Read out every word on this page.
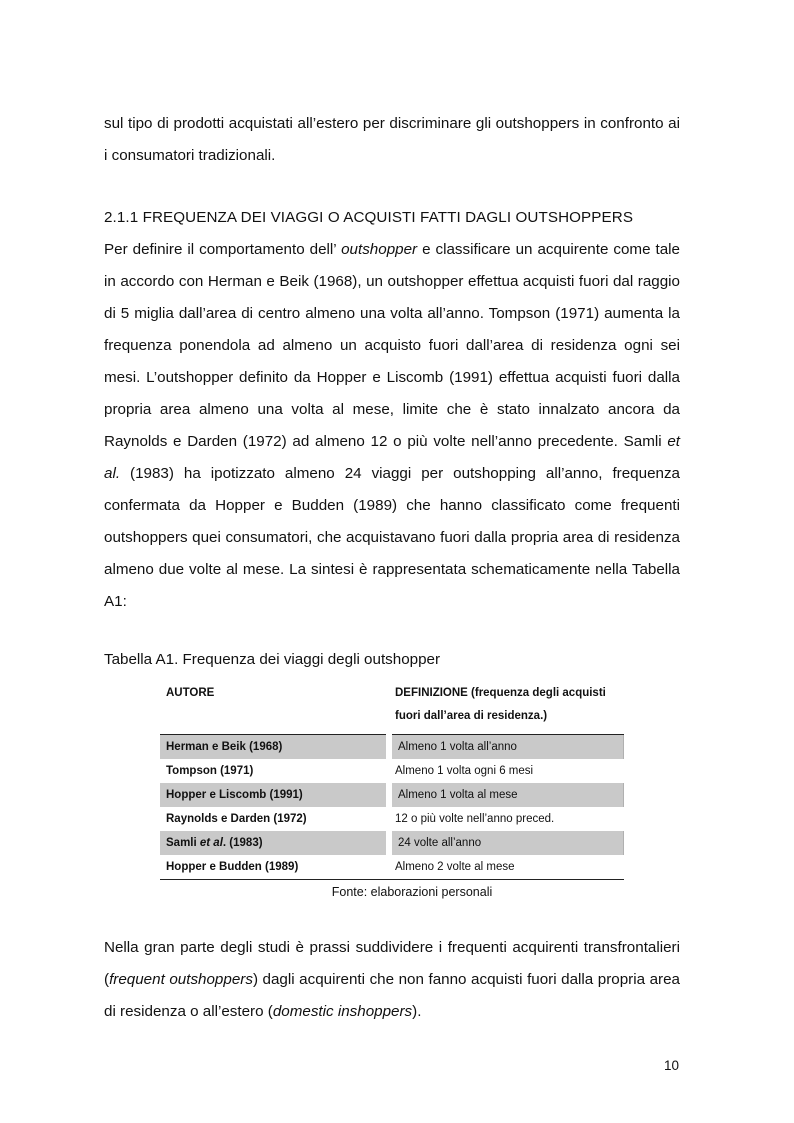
sul tipo di prodotti acquistati all’estero per discriminare gli outshoppers in confronto ai i consumatori tradizionali.

2.1.1 FREQUENZA DEI VIAGGI O ACQUISTI FATTI DAGLI OUTSHOPPERS

Per definire il comportamento dell’ outshopper e classificare un acquirente come tale in accordo con Herman e Beik (1968), un outshopper effettua acquisti fuori dal raggio di 5 miglia dall’area di centro almeno una volta all’anno. Tompson (1971) aumenta la frequenza ponendola ad almeno un acquisto fuori dall’area di residenza ogni sei mesi. L’outshopper definito da Hopper e Liscomb (1991) effettua acquisti fuori dalla propria area almeno una volta al mese, limite che è stato innalzato ancora da Raynolds e Darden (1972) ad almeno 12 o più volte nell’anno precedente. Samli et al. (1983) ha ipotizzato almeno 24 viaggi per outshopping all’anno, frequenza confermata da Hopper e Budden (1989) che hanno classificato come frequenti outshoppers quei consumatori, che acquistavano fuori dalla propria area di residenza almeno due volte al mese. La sintesi è rappresentata schematicamente nella Tabella A1:

Tabella A1. Frequenza dei viaggi degli outshopper
AUTORE	DEFINIZIONE (frequenza degli acquisti fuori dall’area di residenza.)
Herman e Beik (1968)	Almeno 1 volta all’anno
Tompson (1971)	Almeno 1 volta ogni 6 mesi
Hopper e Liscomb (1991)	Almeno 1 volta al mese
Raynolds e Darden (1972)	12 o più volte nell’anno preced.
Samli et al. (1983)	24 volte all’anno
Hopper e Budden (1989)	Almeno 2 volte al mese
Fonte: elaborazioni personali

Nella gran parte degli studi è prassi suddividere i frequenti acquirenti transfrontalieri (frequent outshoppers) dagli acquirenti che non fanno acquisti fuori dalla propria area di residenza o all’estero (domestic inshoppers).

10
